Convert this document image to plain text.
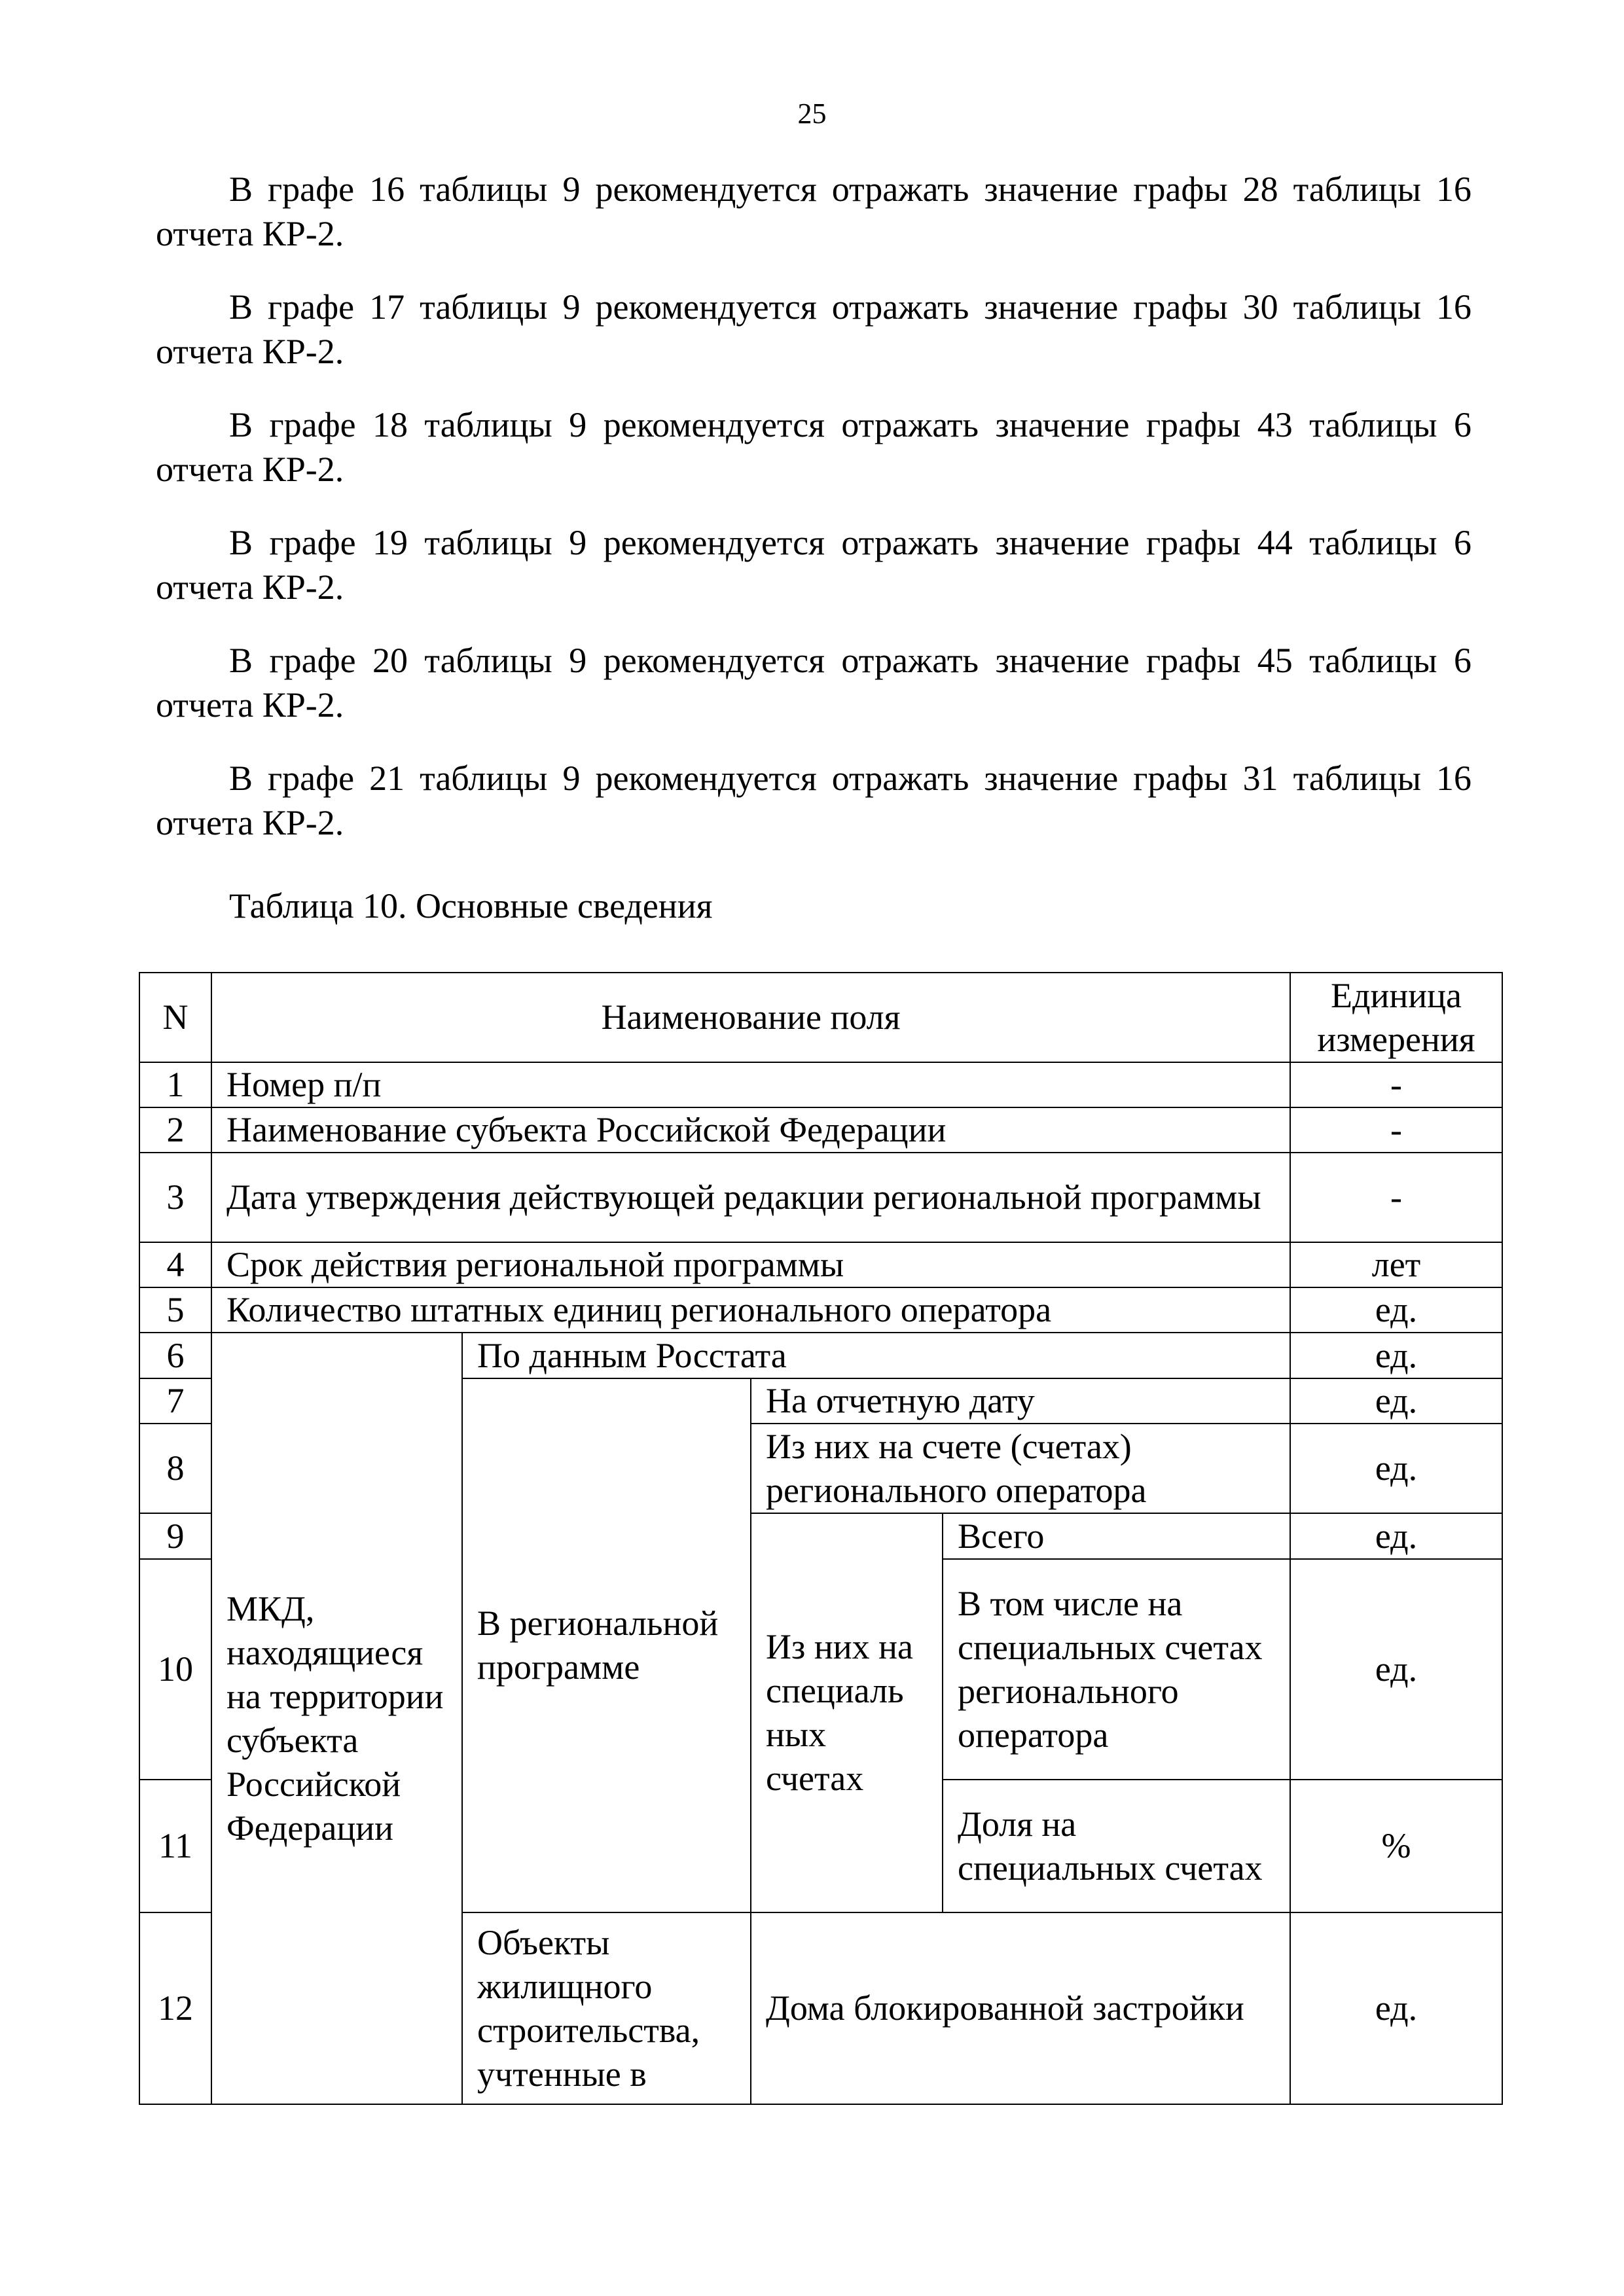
25

В графе 16 таблицы 9 рекомендуется отражать значение графы 28 таблицы 16 отчета КР-2.

В графе 17 таблицы 9 рекомендуется отражать значение графы 30 таблицы 16 отчета КР-2.

В графе 18 таблицы 9 рекомендуется отражать значение графы 43 таблицы 6 отчета КР-2.

В графе 19 таблицы 9 рекомендуется отражать значение графы 44 таблицы 6 отчета КР-2.

В графе 20 таблицы 9 рекомендуется отражать значение графы 45 таблицы 6 отчета КР-2.

В графе 21 таблицы 9 рекомендуется отражать значение графы 31 таблицы 16 отчета КР-2.

Таблица 10. Основные сведения
N	Наименование поля				Единица измерения
1	Номер п/п				-
2	Наименование субъекта Российской Федерации				-
3	Дата утверждения действующей редакции региональной программы				-
4	Срок действия региональной программы				лет
5	Количество штатных единиц регионального оператора				ед.
6	МКД, находящиеся на территории субъекта Российской Федерации	По данным Росстата			ед.
7		В региональной программе	На отчетную дату		ед.
8			Из них на счете (счетах) регионального оператора		ед.
9			Из них на специаль ных счетах	Всего	ед.
10				В том числе на специальных счетах регионального оператора	ед.
11				Доля на специальных счетах	%
12		Объекты жилищного строительства, учтенные в	Дома блокированной застройки		ед.
